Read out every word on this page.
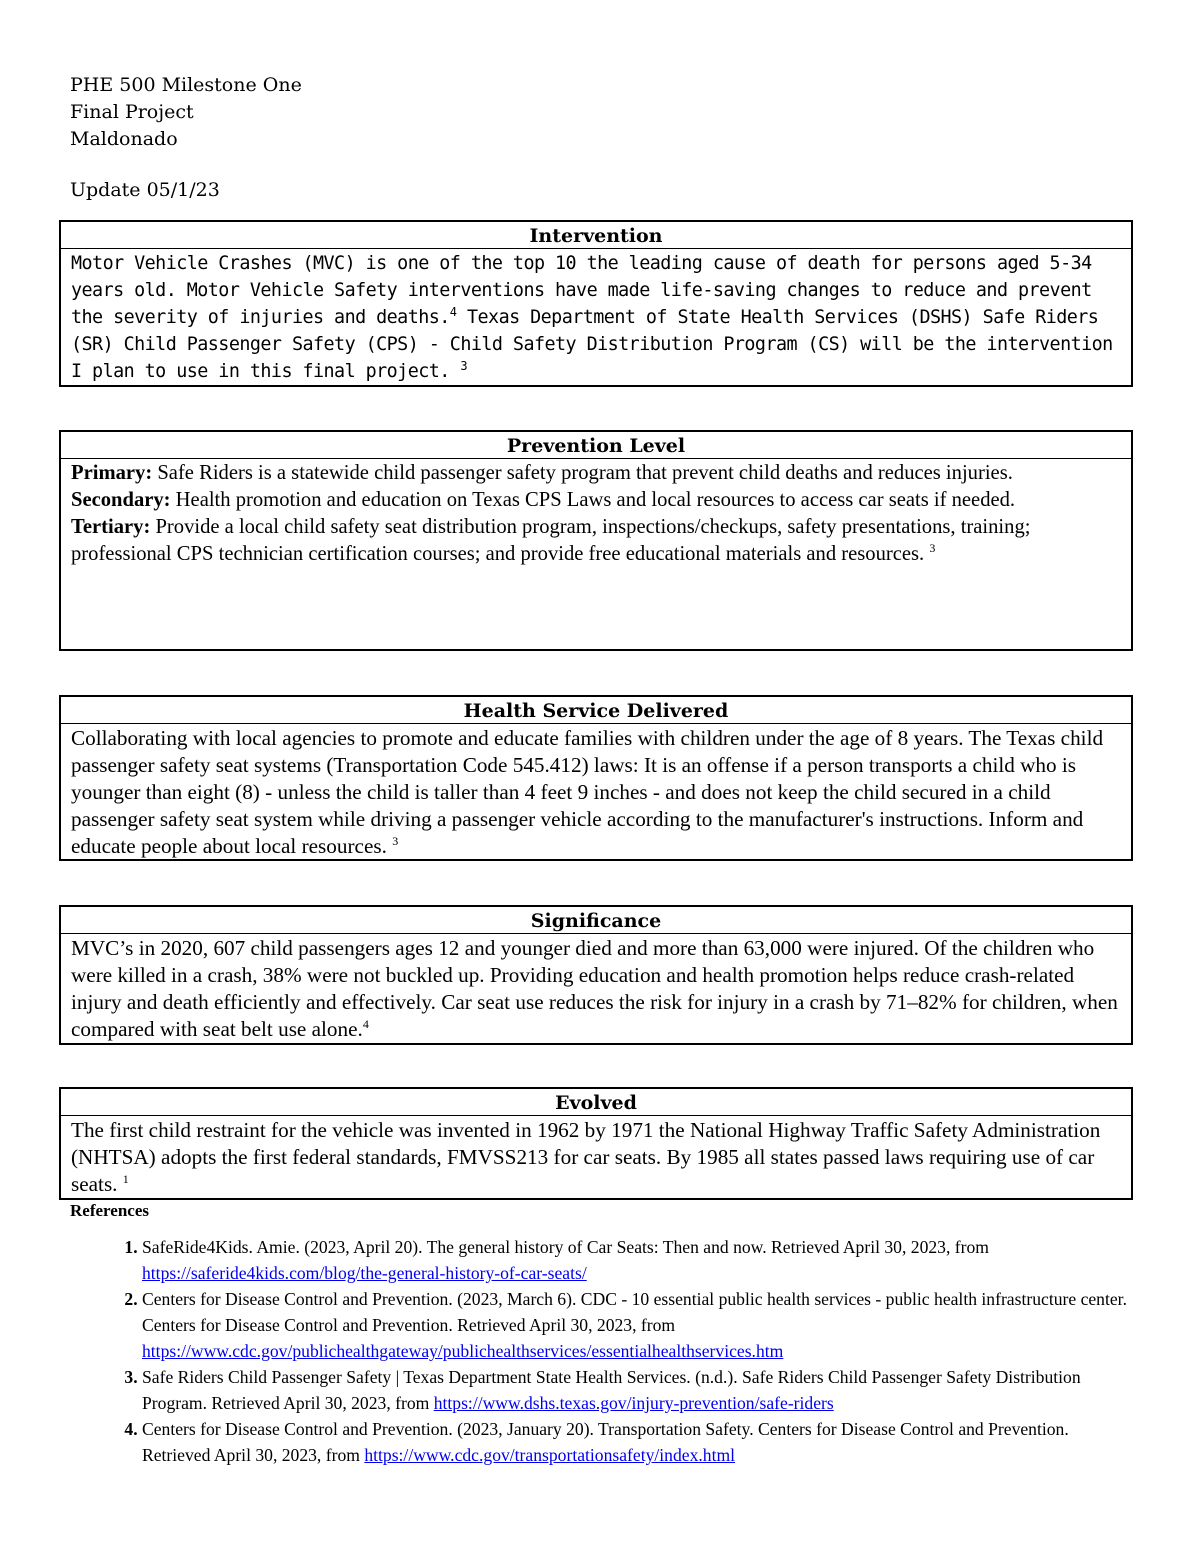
PHE 500 Milestone One
Final Project
Maldonado
Update 05/1/23
Intervention
Motor Vehicle Crashes (MVC) is one of the top 10 the leading cause of death for persons aged 5-34 years old. Motor Vehicle Safety interventions have made life-saving changes to reduce and prevent the severity of injuries and deaths.$^4$ Texas Department of State Health Services (DSHS) Safe Riders (SR) Child Passenger Safety (CPS) - Child Safety Distribution Program (CS) will be the intervention I plan to use in this final project. $^3$
Prevention Level

Primary: Safe Riders is a statewide child passenger safety program that prevent child deaths and reduces injuries.

Secondary: Health promotion and education on Texas CPS Laws and local resources to access car seats if needed.

Tertiary: Provide a local child safety seat distribution program, inspections/checkups, safety presentations, training; professional CPS technician certification courses; and provide free educational materials and resources. $^3$

Health Service Delivered
Collaborating with local agencies to promote and educate families with children under the age of 8 years. The Texas child passenger safety seat systems (Transportation Code 545.412) laws: It is an offense if a person transports a child who is younger than eight (8) - unless the child is taller than 4 feet 9 inches - and does not keep the child secured in a child passenger safety seat system while driving a passenger vehicle according to the manufacturer's instructions. Inform and educate people about local resources. $^3$
Significance
MVC’s in 2020, 607 child passengers ages 12 and younger died and more than 63,000 were injured. Of the children who were killed in a crash, 38% were not buckled up. Providing education and health promotion helps reduce crash-related injury and death efficiently and effectively. Car seat use reduces the risk for injury in a crash by 71–82% for children, when compared with seat belt use alone.$^4$
Evolved
The first child restraint for the vehicle was invented in 1962 by 1971 the National Highway Traffic Safety Administration (NHTSA) adopts the first federal standards, FMVSS213 for car seats. By 1985 all states passed laws requiring use of car seats. $^1$
References
1. SafeRide4Kids. Amie. (2023, April 20). The general history of Car Seats: Then and now. Retrieved April 30, 2023, from https://saferide4kids.com/blog/the-general-history-of-car-seats/
2. Centers for Disease Control and Prevention. (2023, March 6). CDC - 10 essential public health services - public health infrastructure center. Centers for Disease Control and Prevention. Retrieved April 30, 2023, from https://www.cdc.gov/publichealthgateway/publichealthservices/essentialhealthservices.htm
3. Safe Riders Child Passenger Safety | Texas Department State Health Services. (n.d.). Safe Riders Child Passenger Safety Distribution Program. Retrieved April 30, 2023, from https://www.dshs.texas.gov/injury-prevention/safe-riders
4. Centers for Disease Control and Prevention. (2023, January 20). Transportation Safety. Centers for Disease Control and Prevention. Retrieved April 30, 2023, from https://www.cdc.gov/transportationsafety/index.html
